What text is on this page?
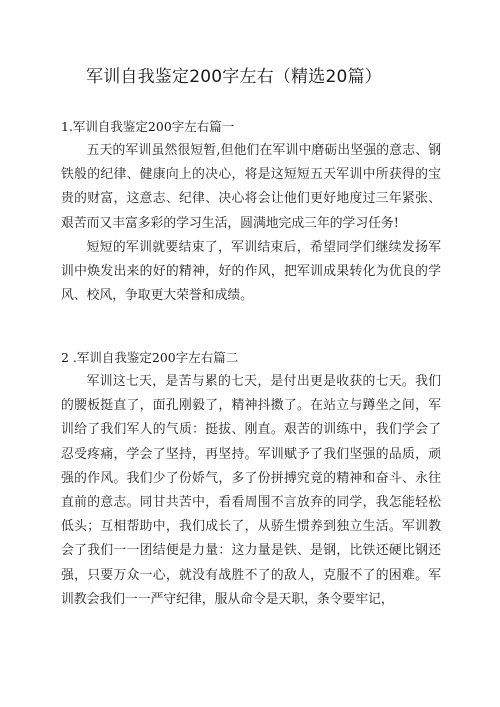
军训自我鉴定200字左右（精选20篇）

1.军训自我鉴定200字左右篇一

五天的军训虽然很短暂,但他们在军训中磨砺出坚强的意志、钢铁般的纪律、健康向上的决心，将是这短短五天军训中所获得的宝贵的财富，这意志、纪律、决心将会让他们更好地度过三年紧张、艰苦而又丰富多彩的学习生活，圆满地完成三年的学习任务!

短短的军训就要结束了，军训结束后，希望同学们继续发扬军训中焕发出来的好的精神，好的作风，把军训成果转化为优良的学风、校风，争取更大荣誉和成绩。

2 .军训自我鉴定200字左右篇二

军训这七天，是苦与累的七天，是付出更是收获的七天。我们的腰板挺直了，面孔刚毅了，精神抖擞了。在站立与蹲坐之间，军训给了我们军人的气质：挺拔、刚直。艰苦的训练中，我们学会了忍受疼痛，学会了坚持，再坚持。军训赋予了我们坚强的品质，顽强的作风。我们少了份娇气，多了份拼搏究竟的精神和奋斗、永往直前的意志。同甘共苦中，看看周围不言放弃的同学，我怎能轻松低头；互相帮助中，我们成长了，从骄生惯养到独立生活。军训教会了我们一一团结便是力量：这力量是铁、是钢，比铁还硬比钢还强，只要万众一心，就没有战胜不了的敌人，克服不了的困难。军训教会我们一一严守纪律，服从命令是天职，条令要牢记，
